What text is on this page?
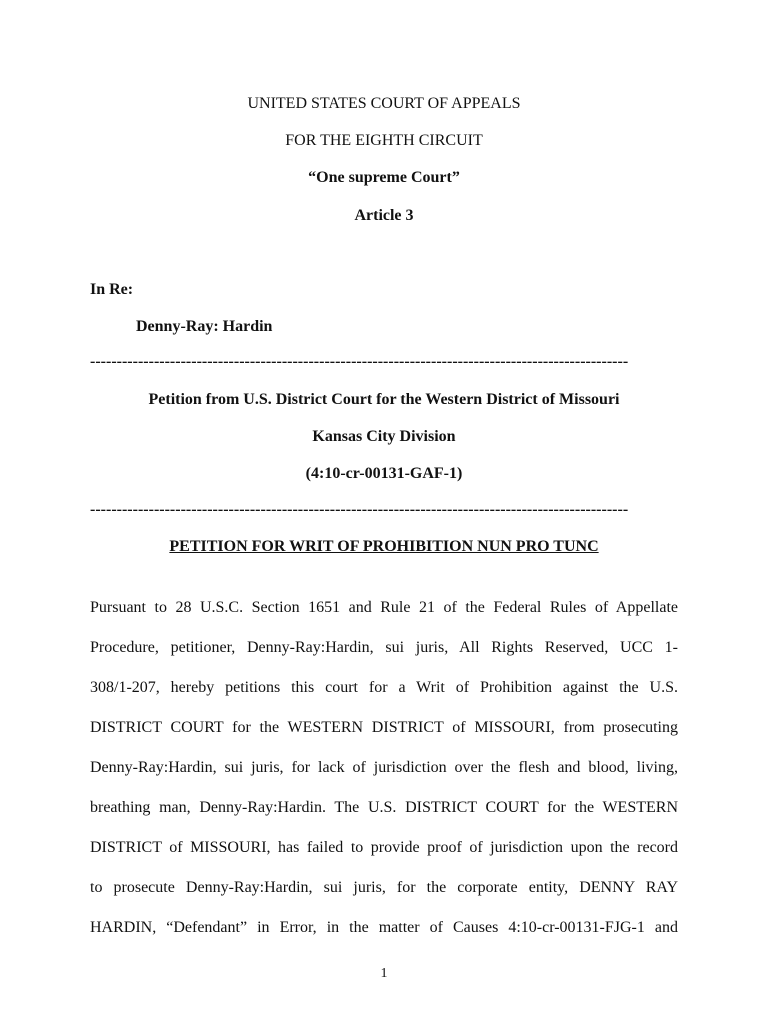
UNITED STATES COURT OF APPEALS
FOR THE EIGHTH CIRCUIT
“One supreme Court”
Article 3
In Re:
Denny-Ray: Hardin
-----------------------------------------------------------------------------------------------------
Petition from U.S. District Court for the Western District of Missouri
Kansas City Division
(4:10-cr-00131-GAF-1)
-----------------------------------------------------------------------------------------------------
PETITION FOR WRIT OF PROHIBITION NUN PRO TUNC
Pursuant to 28 U.S.C. Section 1651 and Rule 21 of the Federal Rules of Appellate
Procedure, petitioner, Denny-Ray:Hardin, sui juris, All Rights Reserved, UCC 1-
308/1-207, hereby petitions this court for a Writ of Prohibition against the U.S.
DISTRICT COURT for the WESTERN DISTRICT of MISSOURI, from prosecuting
Denny-Ray:Hardin, sui juris, for lack of jurisdiction over the flesh and blood, living,
breathing man, Denny-Ray:Hardin. The U.S. DISTRICT COURT for the WESTERN
DISTRICT of MISSOURI, has failed to provide proof of jurisdiction upon the record
to prosecute Denny-Ray:Hardin, sui juris, for the corporate entity, DENNY RAY
HARDIN, “Defendant” in Error, in the matter of Causes 4:10-cr-00131-FJG-1 and
1
